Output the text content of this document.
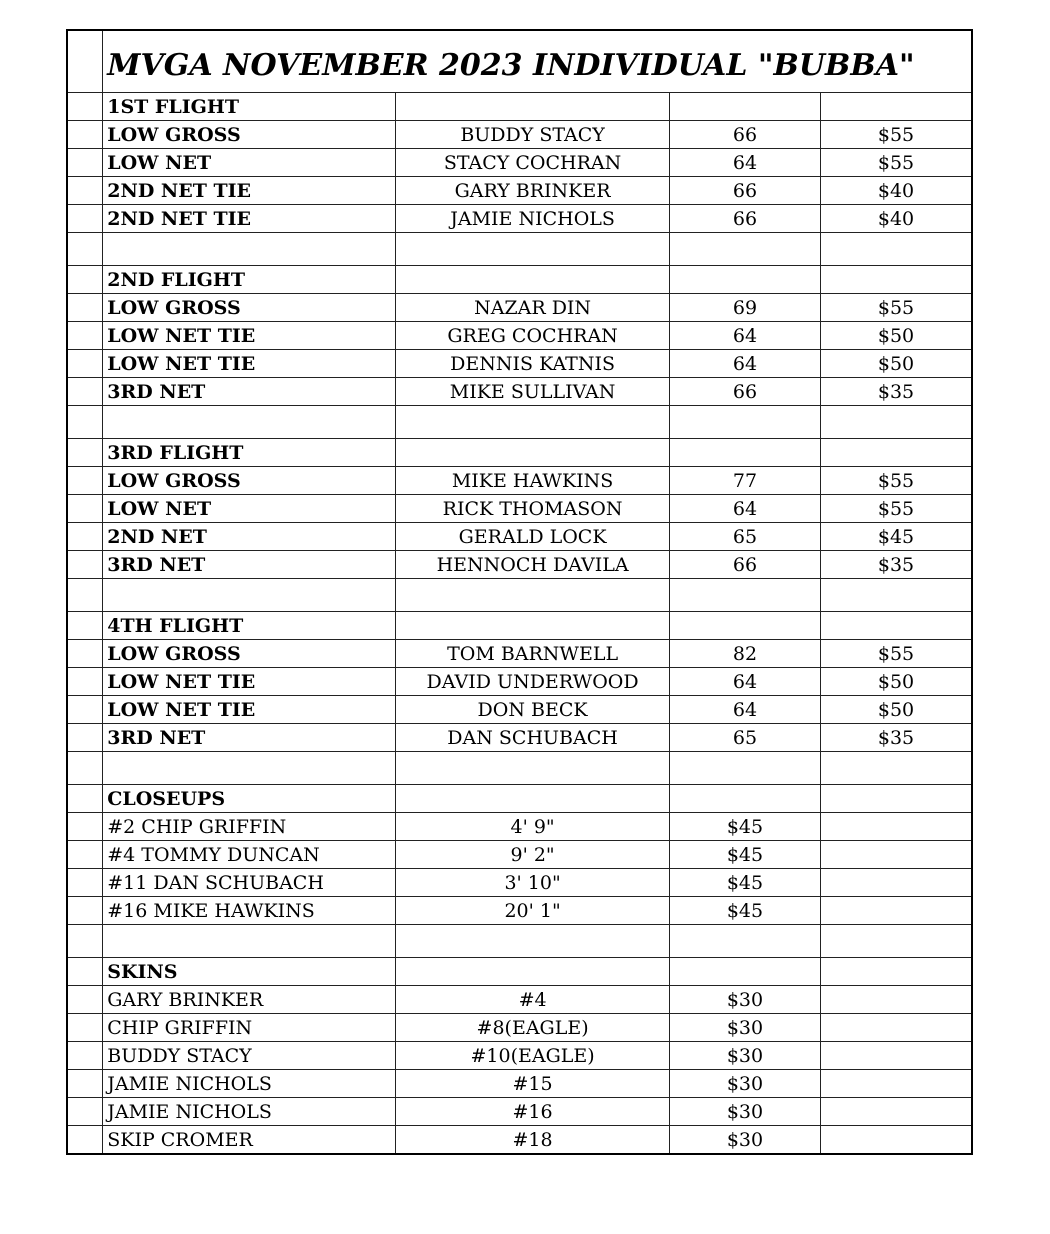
	MVGA NOVEMBER 2023 INDIVIDUAL "BUBBA"			
	1ST FLIGHT			
	LOW GROSS	BUDDY STACY	66	$55
	LOW NET	STACY COCHRAN	64	$55
	2ND NET TIE	GARY BRINKER	66	$40
	2ND NET TIE	JAMIE NICHOLS	66	$40

	2ND FLIGHT			
	LOW GROSS	NAZAR DIN	69	$55
	LOW NET TIE	GREG COCHRAN	64	$50
	LOW NET TIE	DENNIS KATNIS	64	$50
	3RD NET	MIKE SULLIVAN	66	$35

	3RD FLIGHT			
	LOW GROSS	MIKE HAWKINS	77	$55
	LOW NET	RICK THOMASON	64	$55
	2ND NET	GERALD LOCK	65	$45
	3RD NET	HENNOCH DAVILA	66	$35

	4TH FLIGHT			
	LOW GROSS	TOM BARNWELL	82	$55
	LOW NET TIE	DAVID UNDERWOOD	64	$50
	LOW NET TIE	DON BECK	64	$50
	3RD NET	DAN SCHUBACH	65	$35

	CLOSEUPS			
	#2 CHIP GRIFFIN	4' 9"	$45	
	#4 TOMMY DUNCAN	9' 2"	$45	
	#11 DAN SCHUBACH	3' 10"	$45	
	#16 MIKE HAWKINS	20' 1"	$45	

	SKINS			
	GARY BRINKER	#4	$30	
	CHIP GRIFFIN	#8(EAGLE)	$30	
	BUDDY STACY	#10(EAGLE)	$30	
	JAMIE NICHOLS	#15	$30	
	JAMIE NICHOLS	#16	$30	
	SKIP CROMER	#18	$30	
